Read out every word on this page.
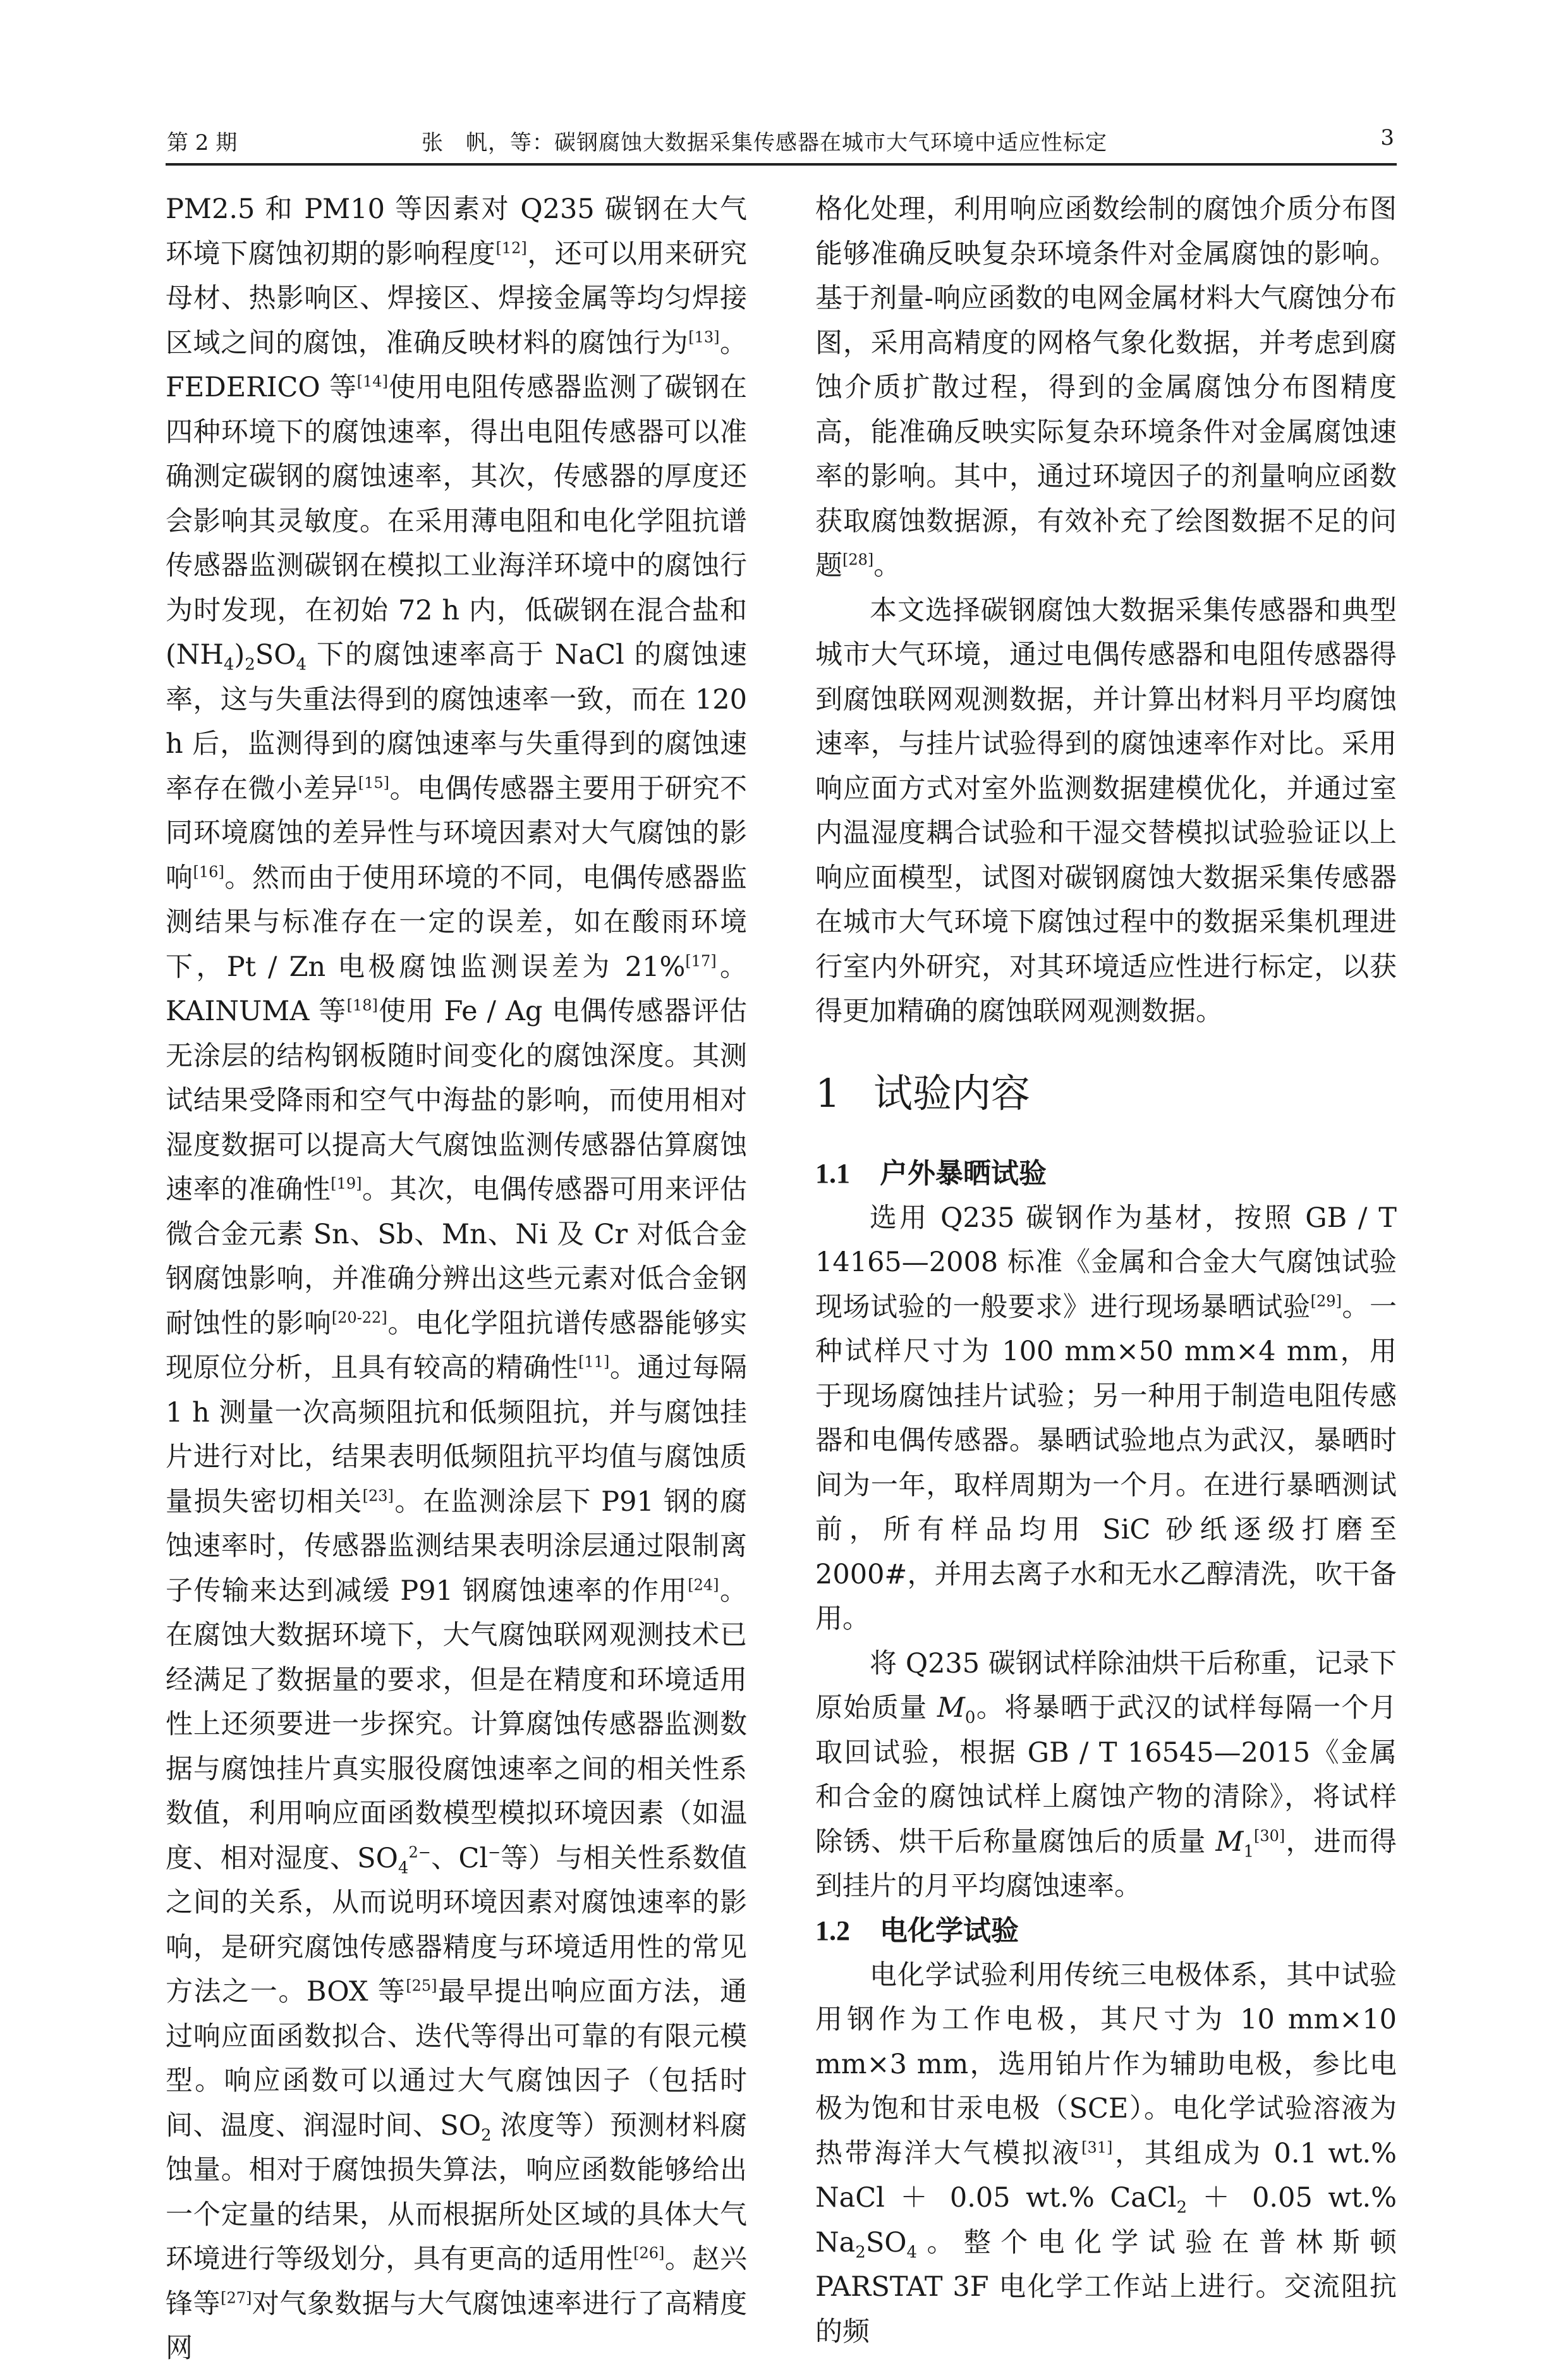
第 2 期	张　帆，等：碳钢腐蚀大数据采集传感器在城市大气环境中适应性标定	3

PM2.5 和 PM10 等因素对 Q235 碳钢在大气环境下腐蚀初期的影响程度[12]，还可以用来研究母材、热影响区、焊接区、焊接金属等均匀焊接区域之间的腐蚀，准确反映材料的腐蚀行为[13]。FEDERICO 等[14]使用电阻传感器监测了碳钢在四种环境下的腐蚀速率，得出电阻传感器可以准确测定碳钢的腐蚀速率，其次，传感器的厚度还会影响其灵敏度。在采用薄电阻和电化学阻抗谱传感器监测碳钢在模拟工业海洋环境中的腐蚀行为时发现，在初始 72 h 内，低碳钢在混合盐和$(NH_4)_2SO_4$ 下的腐蚀速率高于 NaCl 的腐蚀速率，这与失重法得到的腐蚀速率一致，而在 120 h 后，监测得到的腐蚀速率与失重得到的腐蚀速率存在微小差异[15]。电偶传感器主要用于研究不同环境腐蚀的差异性与环境因素对大气腐蚀的影响[16]。然而由于使用环境的不同，电偶传感器监测结果与标准存在一定的误差，如在酸雨环境下，Pt / Zn 电极腐蚀监测误差为 21%[17]。KAINUMA 等[18]使用 Fe / Ag 电偶传感器评估无涂层的结构钢板随时间变化的腐蚀深度。其测试结果受降雨和空气中海盐的影响，而使用相对湿度数据可以提高大气腐蚀监测传感器估算腐蚀速率的准确性[19]。其次，电偶传感器可用来评估微合金元素 Sn、Sb、Mn、Ni 及 Cr 对低合金钢腐蚀影响，并准确分辨出这些元素对低合金钢耐蚀性的影响[20-22]。电化学阻抗谱传感器能够实现原位分析，且具有较高的精确性[11]。通过每隔 1 h 测量一次高频阻抗和低频阻抗，并与腐蚀挂片进行对比，结果表明低频阻抗平均值与腐蚀质量损失密切相关[23]。在监测涂层下 P91 钢的腐蚀速率时，传感器监测结果表明涂层通过限制离子传输来达到减缓 P91 钢腐蚀速率的作用[24]。在腐蚀大数据环境下，大气腐蚀联网观测技术已经满足了数据量的要求，但是在精度和环境适用性上还须要进一步探究。计算腐蚀传感器监测数据与腐蚀挂片真实服役腐蚀速率之间的相关性系数值，利用响应面函数模型模拟环境因素（如温度、相对湿度、$SO_4^{2-}$、Cl−等）与相关性系数值之间的关系，从而说明环境因素对腐蚀速率的影响，是研究腐蚀传感器精度与环境适用性的常见方法之一。BOX 等[25]最早提出响应面方法，通过响应面函数拟合、迭代等得出可靠的有限元模型。响应函数可以通过大气腐蚀因子（包括时间、温度、润湿时间、$SO_2$ 浓度等）预测材料腐蚀量。相对于腐蚀损失算法，响应函数能够给出一个定量的结果，从而根据所处区域的具体大气环境进行等级划分，具有更高的适用性[26]。赵兴锋等[27]对气象数据与大气腐蚀速率进行了高精度网

格化处理，利用响应函数绘制的腐蚀介质分布图能够准确反映复杂环境条件对金属腐蚀的影响。基于剂量-响应函数的电网金属材料大气腐蚀分布图，采用高精度的网格气象化数据，并考虑到腐蚀介质扩散过程，得到的金属腐蚀分布图精度高，能准确反映实际复杂环境条件对金属腐蚀速率的影响。其中，通过环境因子的剂量响应函数获取腐蚀数据源，有效补充了绘图数据不足的问题[28]。

本文选择碳钢腐蚀大数据采集传感器和典型城市大气环境，通过电偶传感器和电阻传感器得到腐蚀联网观测数据，并计算出材料月平均腐蚀速率，与挂片试验得到的腐蚀速率作对比。采用响应面方式对室外监测数据建模优化，并通过室内温湿度耦合试验和干湿交替模拟试验验证以上响应面模型，试图对碳钢腐蚀大数据采集传感器在城市大气环境下腐蚀过程中的数据采集机理进行室内外研究，对其环境适应性进行标定，以获得更加精确的腐蚀联网观测数据。

1 试验内容

1.1 户外暴晒试验

选用 Q235 碳钢作为基材，按照 GB / T 14165—2008 标准《金属和合金大气腐蚀试验现场试验的一般要求》进行现场暴晒试验[29]。一种试样尺寸为 100 mm×50 mm×4 mm，用于现场腐蚀挂片试验；另一种用于制造电阻传感器和电偶传感器。暴晒试验地点为武汉，暴晒时间为一年，取样周期为一个月。在进行暴晒测试前，所有样品均用 SiC 砂纸逐级打磨至 2000#，并用去离子水和无水乙醇清洗，吹干备用。

将 Q235 碳钢试样除油烘干后称重，记录下原始质量 $M_0$。将暴晒于武汉的试样每隔一个月取回试验，根据 GB / T 16545—2015《金属和合金的腐蚀试样上腐蚀产物的清除》，将试样除锈、烘干后称量腐蚀后的质量 $M_1[30]$，进而得到挂片的月平均腐蚀速率。

1.2 电化学试验

电化学试验利用传统三电极体系，其中试验用钢作为工作电极，其尺寸为 10 mm×10 mm×3 mm，选用铂片作为辅助电极，参比电极为饱和甘汞电极（SCE）。电化学试验溶液为热带海洋大气模拟液[31]，其组成为 0.1 wt.% NaCl ＋ 0.05 wt.% CaCl$_2$ ＋ 0.05 wt.% $Na_2SO_4$。整个电化学试验在普林斯顿 PARSTAT 3F 电化学工作站上进行。交流阻抗的频
